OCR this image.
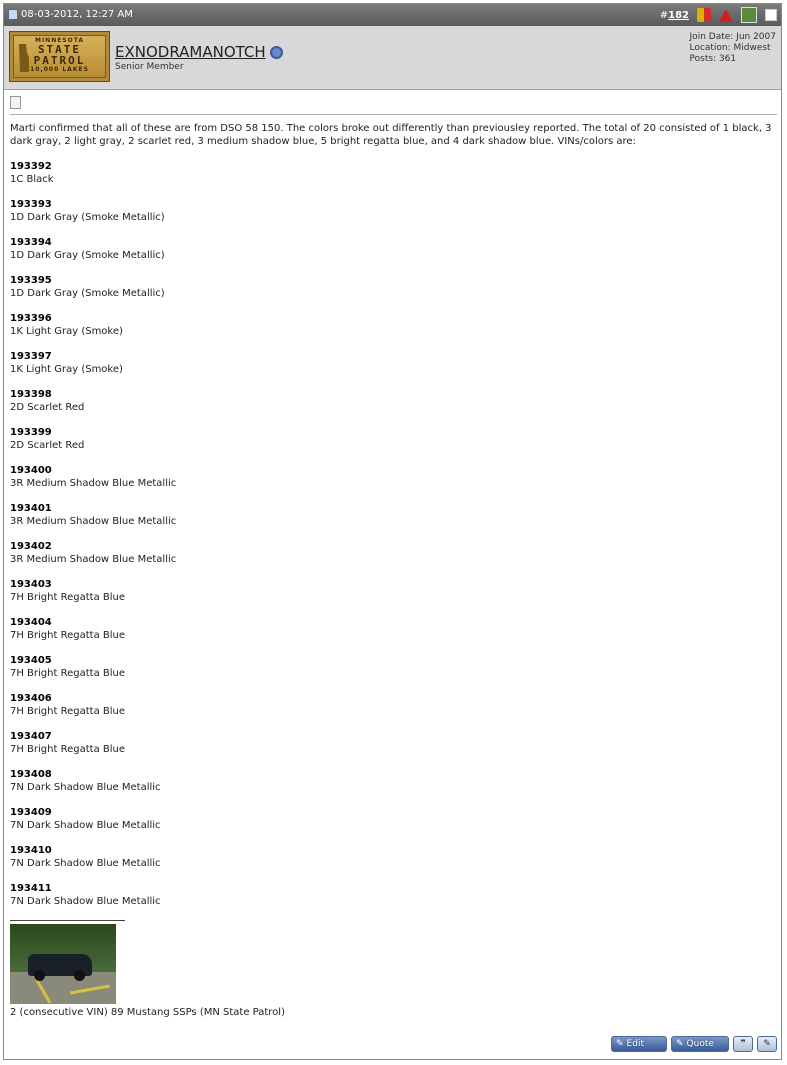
08-03-2012, 12:27 AM	#182
MINNESOTA
STATE
PATROL
10,000 LAKES
EXNODRAMANOTCH
Senior Member
Join Date: Jun 2007
Location: Midwest
Posts: 361
Marti confirmed that all of these are from DSO 58 150. The colors broke out differently than previousley reported. The total of 20 consisted of 1 black, 3 dark gray, 2 light gray, 2 scarlet red, 3 medium shadow blue, 5 bright regatta blue, and 4 dark shadow blue. VINs/colors are:
193392
1C Black
193393
1D Dark Gray (Smoke Metallic)
193394
1D Dark Gray (Smoke Metallic)
193395
1D Dark Gray (Smoke Metallic)
193396
1K Light Gray (Smoke)
193397
1K Light Gray (Smoke)
193398
2D Scarlet Red
193399
2D Scarlet Red
193400
3R Medium Shadow Blue Metallic
193401
3R Medium Shadow Blue Metallic
193402
3R Medium Shadow Blue Metallic
193403
7H Bright Regatta Blue
193404
7H Bright Regatta Blue
193405
7H Bright Regatta Blue
193406
7H Bright Regatta Blue
193407
7H Bright Regatta Blue
193408
7N Dark Shadow Blue Metallic
193409
7N Dark Shadow Blue Metallic
193410
7N Dark Shadow Blue Metallic
193411
7N Dark Shadow Blue Metallic
2 (consecutive VIN) 89 Mustang SSPs (MN State Patrol)
✎ Edit	✎ Quote	❞ ✎
